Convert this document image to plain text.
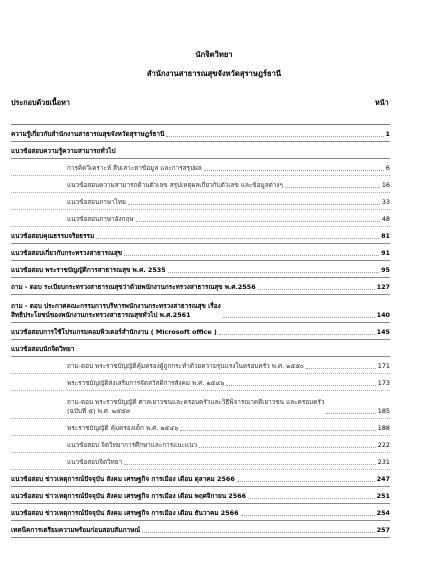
นักจิตวิทยา
สำนักงานสาธารณสุขจังหวัดสุราษฎร์ธานี
ประกอบด้วยเนื้อหา	หน้า
ความรู้เกี่ยวกับสำนักงานสาธารณสุขจังหวัดสุราษฎร์ธานี	1
แนวข้อสอบความรู้ความสามารถทั่วไป
การคิดวิเคราะห์ สืบเสาะหาข้อมูล และการสรุปผล	6
แนวข้อสอบความสามารถด้านตัวเลข สรุปเหตุผลเกี่ยวกับตัวเลข และข้อมูลต่างๆ	16
แนวข้อสอบภาษาไทย	33
แนวข้อสอบภาษาอังกฤษ	48
แนวข้อสอบคุณธรรมจริยธรรม	81
แนวข้อสอบเกี่ยวกับกระทรวงสาธารณสุข	91
แนวข้อสอบ พระราชบัญญัติการสาธารณสุข พ.ศ. 2535	95
ถาม - ตอบ ระเบียบกระทรวงสาธารณสุขว่าด้วยพนักงานกระทรวงสาธารณสุข พ.ศ.2556	127
ถาม - ตอบ ประกาศคณะกรรมการบริหารพนักงานกระทรวงสาธารณสุข เรื่อง
สิทธิประโยชน์ของพนักงานกระทรวงสาธารณสุขทั่วไป พ.ศ.2561	140
แนวข้อสอบการใช้โปรแกรมคอมพิวเตอร์สำนักงาน ( Microsoft office )	145
แนวข้อสอบนักจิตวิทยา
ถาม-ตอบ พระราชบัญญัติคุ้มครองผู้ถูกกระทำด้วยความรุนแรงในครอบครัว พ.ศ. ๒๕๕๐	171
พระราชบัญญัติส่งเสริมการจัดสวัสดิการสังคม พ.ศ. ๒๕๔๖	173
ถาม-ตอบ พระราชบัญญัติ ศาลเยาวชนและครอบครัวและวิธีพิจารณาคดีเยาวชน และครอบครัว
(ฉบับที่ ๕) พ.ศ. ๒๕๕๙	185
พระราชบัญญัติ คุ้มครองเด็ก พ.ศ. ๒๕๔๖	188
แนวข้อสอบ จิตวิทยาการศึกษาและการแนะแนว	222
แนวข้อสอบจิตวิทยา	231
แนวข้อสอบ ข่าวเหตุการณ์ปัจจุบัน สังคม เศรษฐกิจ การเมือง เดือน ตุลาคม 2566	247
แนวข้อสอบ ข่าวเหตุการณ์ปัจจุบัน สังคม เศรษฐกิจ การเมือง เดือน พฤศจิกายน 2566	251
แนวข้อสอบ ข่าวเหตุการณ์ปัจจุบัน สังคม เศรษฐกิจ การเมือง เดือน ธันวาคม 2566	254
เทคนิคการเตรียมความพร้อมก่อนสอบสัมภาษณ์	257
